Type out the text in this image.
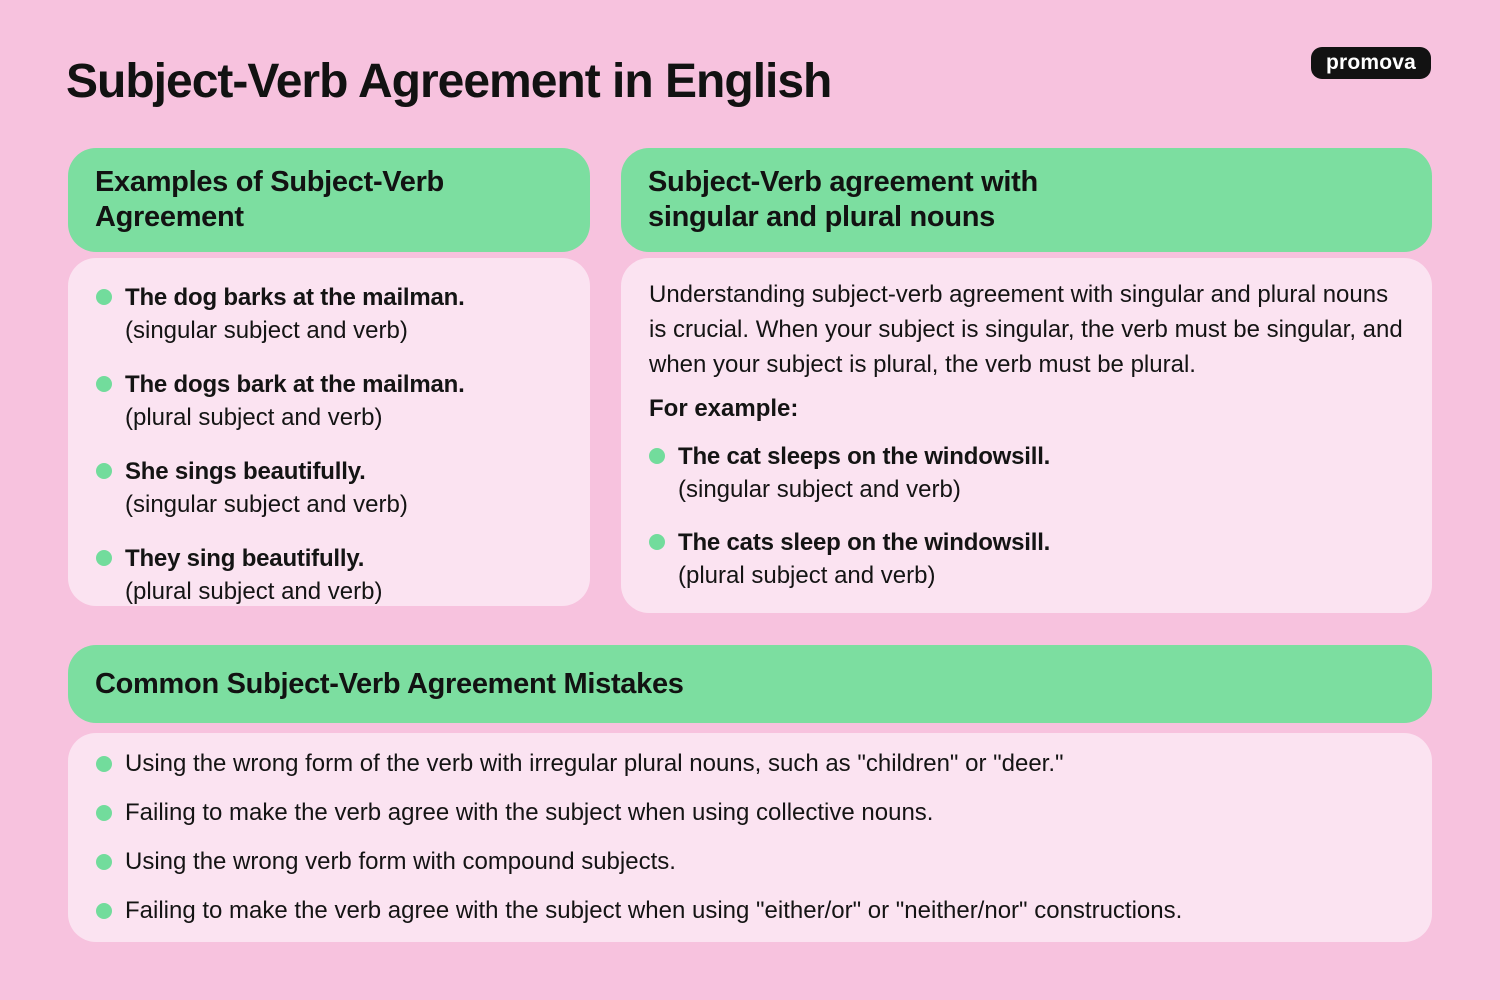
Subject-Verb Agreement in English	promova
Examples of Subject-Verb
Agreement
The dog barks at the mailman.
(singular subject and verb)
The dogs bark at the mailman.
(plural subject and verb)
She sings beautifully.
(singular subject and verb)
They sing beautifully.
(plural subject and verb)
Subject-Verb agreement with
singular and plural nouns
Understanding subject-verb agreement with singular and plural nouns is crucial. When your subject is singular, the verb must be singular, and when your subject is plural, the verb must be plural.
For example:
The cat sleeps on the windowsill.
(singular subject and verb)
The cats sleep on the windowsill.
(plural subject and verb)
Common Subject-Verb Agreement Mistakes
Using the wrong form of the verb with irregular plural nouns, such as "children" or "deer."
Failing to make the verb agree with the subject when using collective nouns.
Using the wrong verb form with compound subjects.
Failing to make the verb agree with the subject when using "either/or" or "neither/nor" constructions.
